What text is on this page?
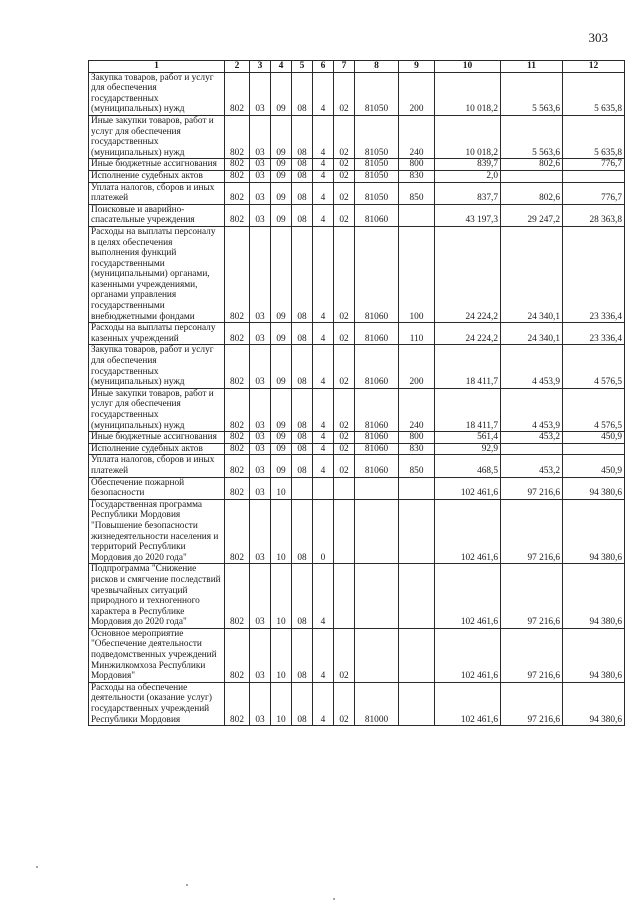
303
1	2	3	4	5	6	7	8	9	10	11	12
Закупка товаров, работ и услуг для обеспечения государственных (муниципальных) нужд	802	03	09	08	4	02	81050	200	10 018,2	5 563,6	5 635,8
Иные закупки товаров, работ и услуг для обеспечения государственных (муниципальных) нужд	802	03	09	08	4	02	81050	240	10 018,2	5 563,6	5 635,8
Иные бюджетные ассигнования	802	03	09	08	4	02	81050	800	839,7	802,6	776,7
Исполнение судебных актов	802	03	09	08	4	02	81050	830	2,0		
Уплата налогов, сборов и иных платежей	802	03	09	08	4	02	81050	850	837,7	802,6	776,7
Поисковые и аварийно-спасательные учреждения	802	03	09	08	4	02	81060		43 197,3	29 247,2	28 363,8
Расходы на выплаты персоналу в целях обеспечения выполнения функций государственными (муниципальными) органами, казенными учреждениями, органами управления государственными внебюджетными фондами	802	03	09	08	4	02	81060	100	24 224,2	24 340,1	23 336,4
Расходы на выплаты персоналу казенных учреждений	802	03	09	08	4	02	81060	110	24 224,2	24 340,1	23 336,4
Закупка товаров, работ и услуг для обеспечения государственных (муниципальных) нужд	802	03	09	08	4	02	81060	200	18 411,7	4 453,9	4 576,5
Иные закупки товаров, работ и услуг для обеспечения государственных (муниципальных) нужд	802	03	09	08	4	02	81060	240	18 411,7	4 453,9	4 576,5
Иные бюджетные ассигнования	802	03	09	08	4	02	81060	800	561,4	453,2	450,9
Исполнение судебных актов	802	03	09	08	4	02	81060	830	92,9		
Уплата налогов, сборов и иных платежей	802	03	09	08	4	02	81060	850	468,5	453,2	450,9
Обеспечение пожарной безопасности	802	03	10						102 461,6	97 216,6	94 380,6
Государственная программа Республики Мордовия "Повышение безопасности жизнедеятельности населения и территорий Республики Мордовия до 2020 года"	802	03	10	08	0				102 461,6	97 216,6	94 380,6
Подпрограмма "Снижение рисков и смягчение последствий чрезвычайных ситуаций природного и техногенного характера в Республике Мордовия до 2020 года"	802	03	10	08	4				102 461,6	97 216,6	94 380,6
Основное мероприятие "Обеспечение деятельности подведомственных учреждений Минжилкомхоза Республики Мордовия"	802	03	10	08	4	02			102 461,6	97 216,6	94 380,6
Расходы на обеспечение деятельности (оказание услуг) государственных учреждений Республики Мордовия	802	03	10	08	4	02	81000		102 461,6	97 216,6	94 380,6
